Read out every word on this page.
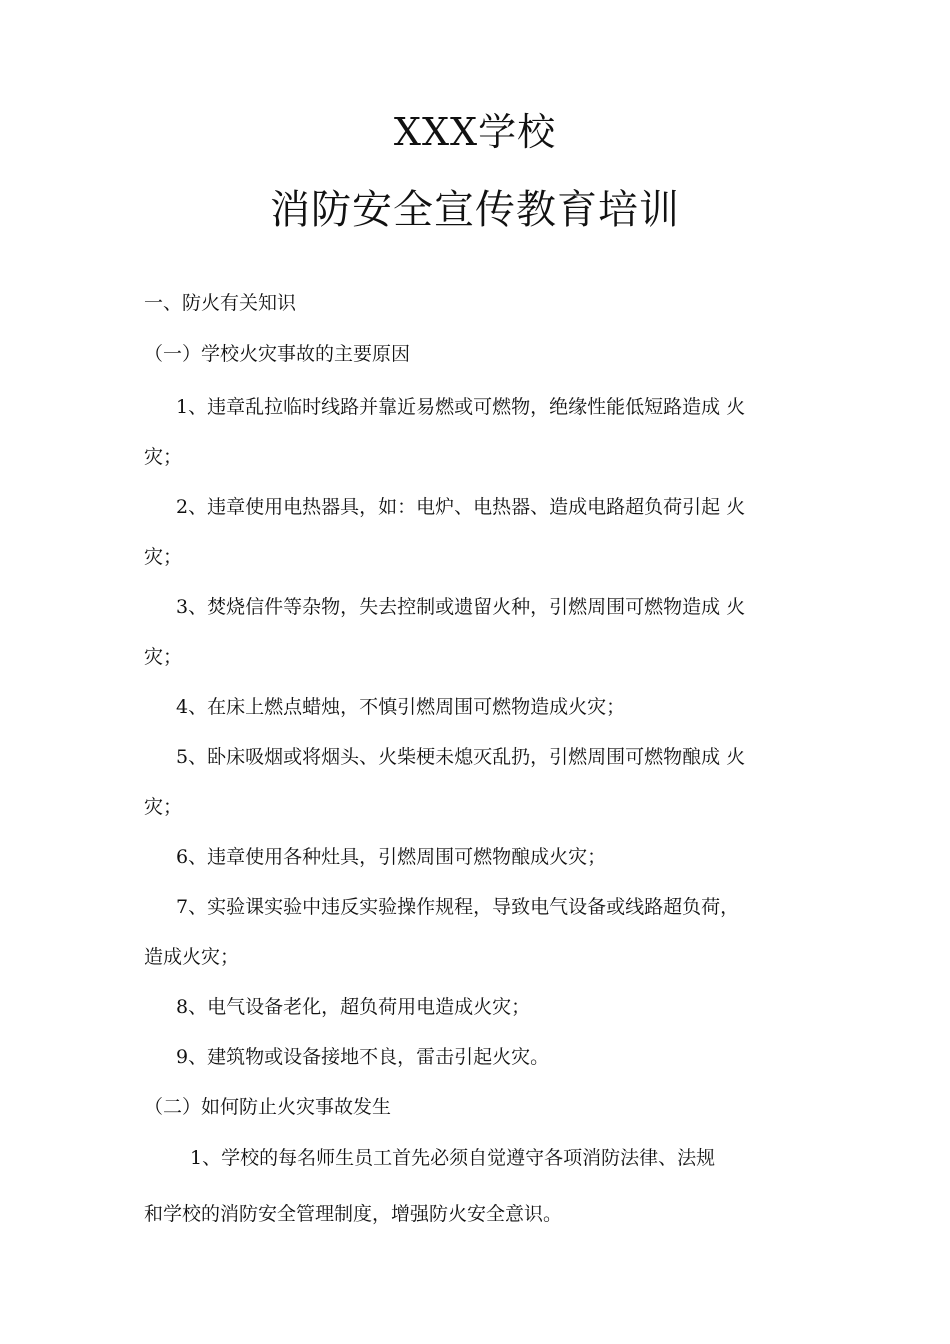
XXX学校
消防安全宣传教育培训
一、防火有关知识
（一）学校火灾事故的主要原因
1、违章乱拉临时线路并靠近易燃或可燃物，绝缘性能低短路造成 火
灾；
2、违章使用电热器具，如：电炉、电热器、造成电路超负荷引起 火
灾；
3、焚烧信件等杂物，失去控制或遗留火种，引燃周围可燃物造成 火
灾；
4、在床上燃点蜡烛，不慎引燃周围可燃物造成火灾；
5、卧床吸烟或将烟头、火柴梗未熄灭乱扔，引燃周围可燃物酿成 火
灾；
6、违章使用各种灶具，引燃周围可燃物酿成火灾；
7、实验课实验中违反实验操作规程，导致电气设备或线路超负荷，
造成火灾；
8、电气设备老化，超负荷用电造成火灾；
9、建筑物或设备接地不良，雷击引起火灾。
（二）如何防止火灾事故发生
1、学校的每名师生员工首先必须自觉遵守各项消防法律、法规
和学校的消防安全管理制度，增强防火安全意识。
